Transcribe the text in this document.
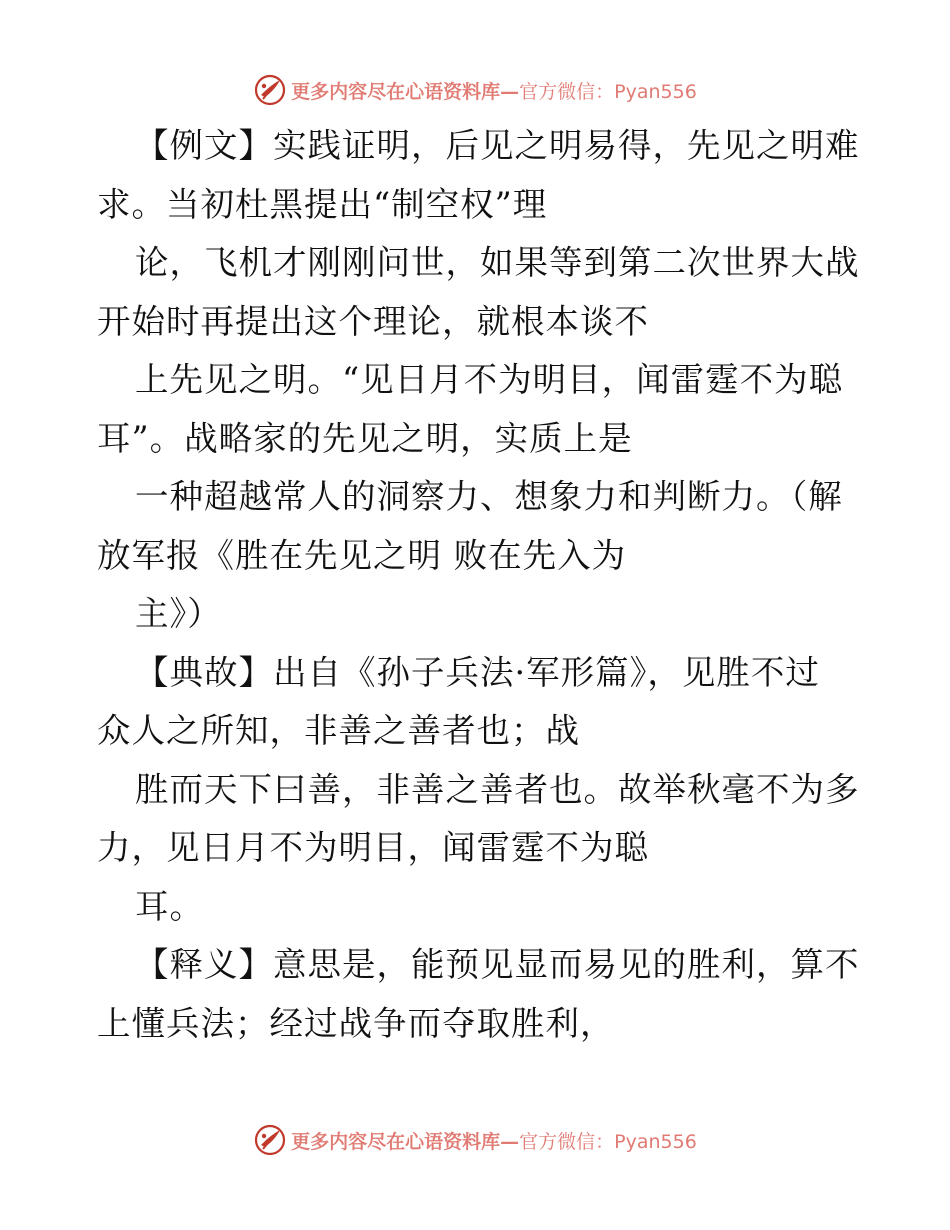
更多内容尽在心语资料库— 官方微信：Pyan556
【例文】实践证明，后见之明易得，先见之明难
求。当初杜黑提出“制空权”理
论，飞机才刚刚问世，如果等到第二次世界大战
开始时再提出这个理论，就根本谈不
上先见之明。“见日月不为明目，闻雷霆不为聪
耳”。战略家的先见之明，实质上是
一种超越常人的洞察力、想象力和判断力。（解
放军报《胜在先见之明 败在先入为
主》）
【典故】出自《孙子兵法·军形篇》，见胜不过
众人之所知，非善之善者也；战
胜而天下曰善，非善之善者也。故举秋毫不为多
力，见日月不为明目，闻雷霆不为聪
耳。
【释义】意思是，能预见显而易见的胜利，算不
上懂兵法；经过战争而夺取胜利，
更多内容尽在心语资料库— 官方微信：Pyan556
